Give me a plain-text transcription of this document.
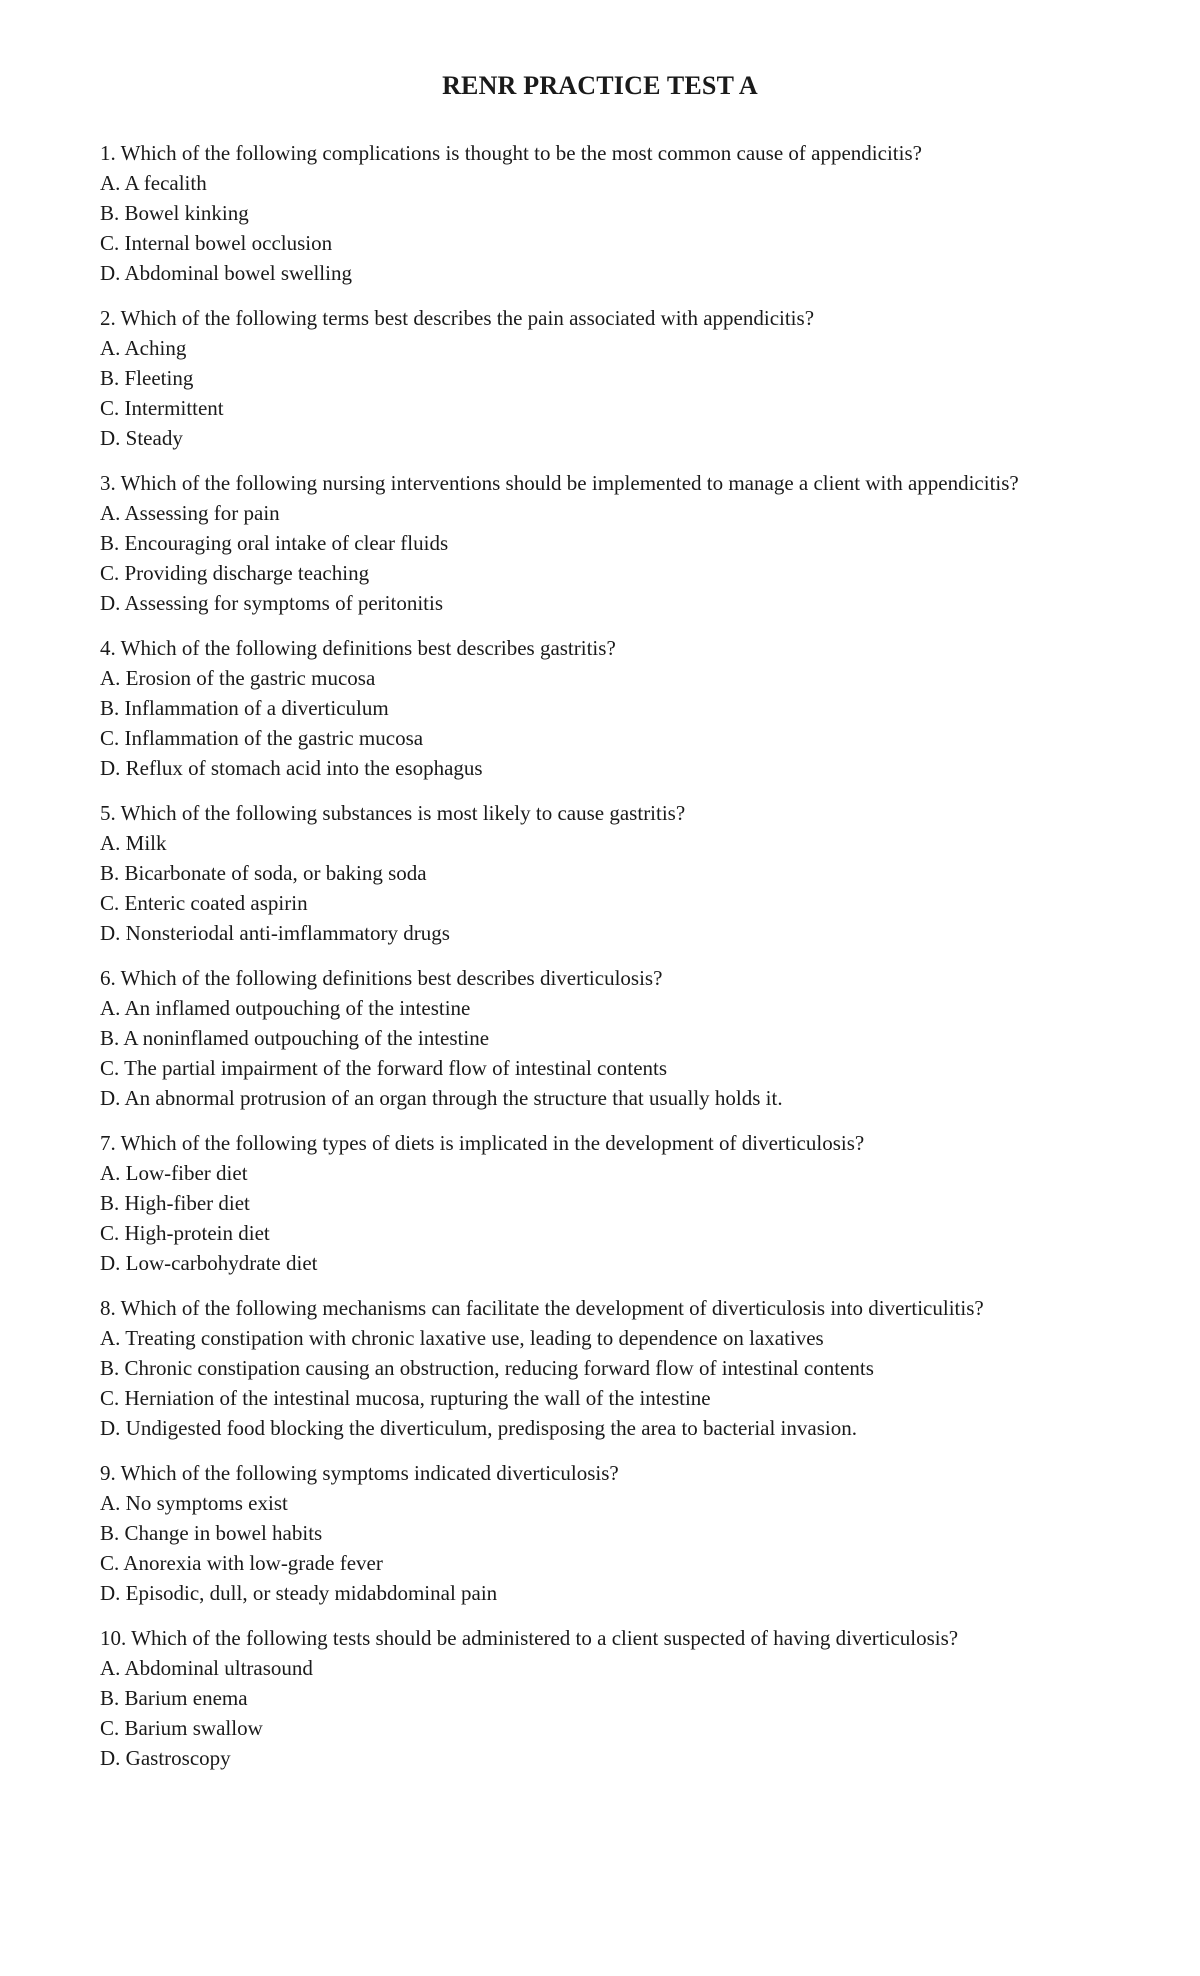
RENR PRACTICE TEST A

1. Which of the following complications is thought to be the most common cause of appendicitis?

A. A fecalith
B. Bowel kinking
C. Internal bowel occlusion
D. Abdominal bowel swelling

2. Which of the following terms best describes the pain associated with appendicitis?

A. Aching
B. Fleeting
C. Intermittent
D. Steady

3. Which of the following nursing interventions should be implemented to manage a client with appendicitis?

A. Assessing for pain
B. Encouraging oral intake of clear fluids
C. Providing discharge teaching
D. Assessing for symptoms of peritonitis

4. Which of the following definitions best describes gastritis?

A. Erosion of the gastric mucosa
B. Inflammation of a diverticulum
C. Inflammation of the gastric mucosa
D. Reflux of stomach acid into the esophagus

5. Which of the following substances is most likely to cause gastritis?

A. Milk
B. Bicarbonate of soda, or baking soda
C. Enteric coated aspirin
D. Nonsteriodal anti-imflammatory drugs

6. Which of the following definitions best describes diverticulosis?

A. An inflamed outpouching of the intestine
B. A noninflamed outpouching of the intestine
C. The partial impairment of the forward flow of intestinal contents
D. An abnormal protrusion of an organ through the structure that usually holds it.

7. Which of the following types of diets is implicated in the development of diverticulosis?

A. Low-fiber diet
B. High-fiber diet
C. High-protein diet
D. Low-carbohydrate diet

8. Which of the following mechanisms can facilitate the development of diverticulosis into diverticulitis?

A. Treating constipation with chronic laxative use, leading to dependence on laxatives
B. Chronic constipation causing an obstruction, reducing forward flow of intestinal contents
C. Herniation of the intestinal mucosa, rupturing the wall of the intestine
D. Undigested food blocking the diverticulum, predisposing the area to bacterial invasion.

9. Which of the following symptoms indicated diverticulosis?

A. No symptoms exist
B. Change in bowel habits
C. Anorexia with low-grade fever
D. Episodic, dull, or steady midabdominal pain

10. Which of the following tests should be administered to a client suspected of having diverticulosis?

A. Abdominal ultrasound
B. Barium enema
C. Barium swallow
D. Gastroscopy
